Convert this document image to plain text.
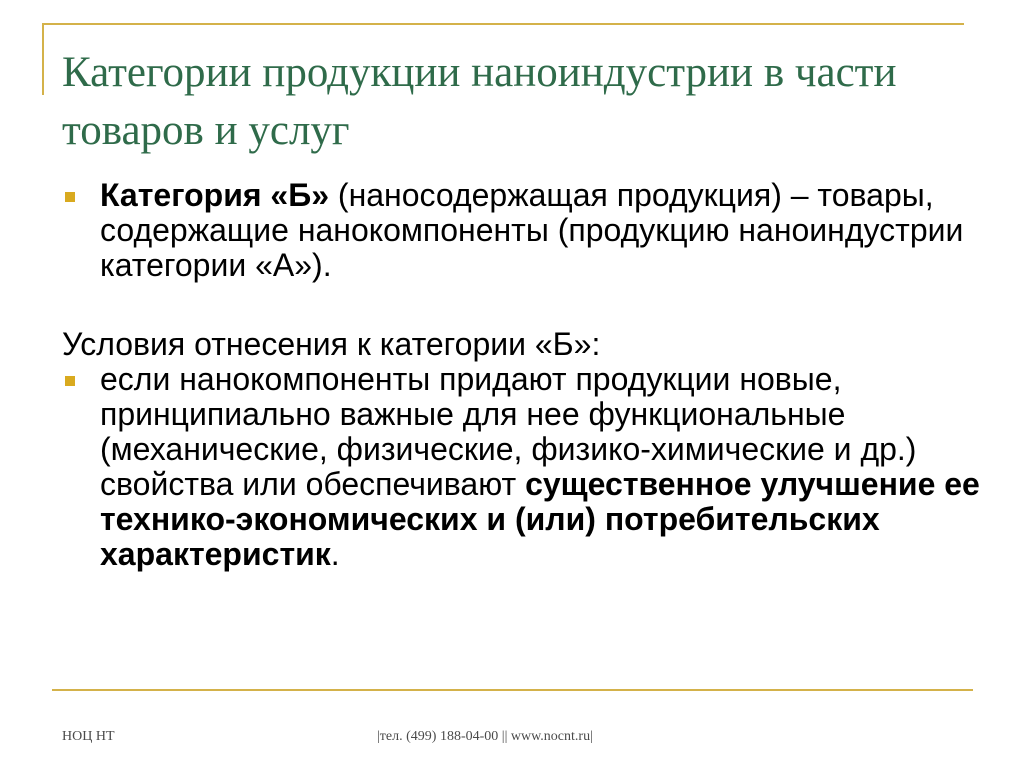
Категории продукции наноиндустрии в части товаров и услуг
Категория «Б» (наносодержащая продукция) – товары, содержащие нанокомпоненты (продукцию наноиндустрии категории «А»).
Условия отнесения к категории «Б»:
если нанокомпоненты придают продукции новые, принципиально важные для нее функциональные (механические, физические, физико-химические и др.) свойства или обеспечивают существенное улучшение ее технико-экономических и (или) потребительских характеристик.
НОЦ НТ	|тел. (499) 188-04-00 || www.nocnt.ru|
